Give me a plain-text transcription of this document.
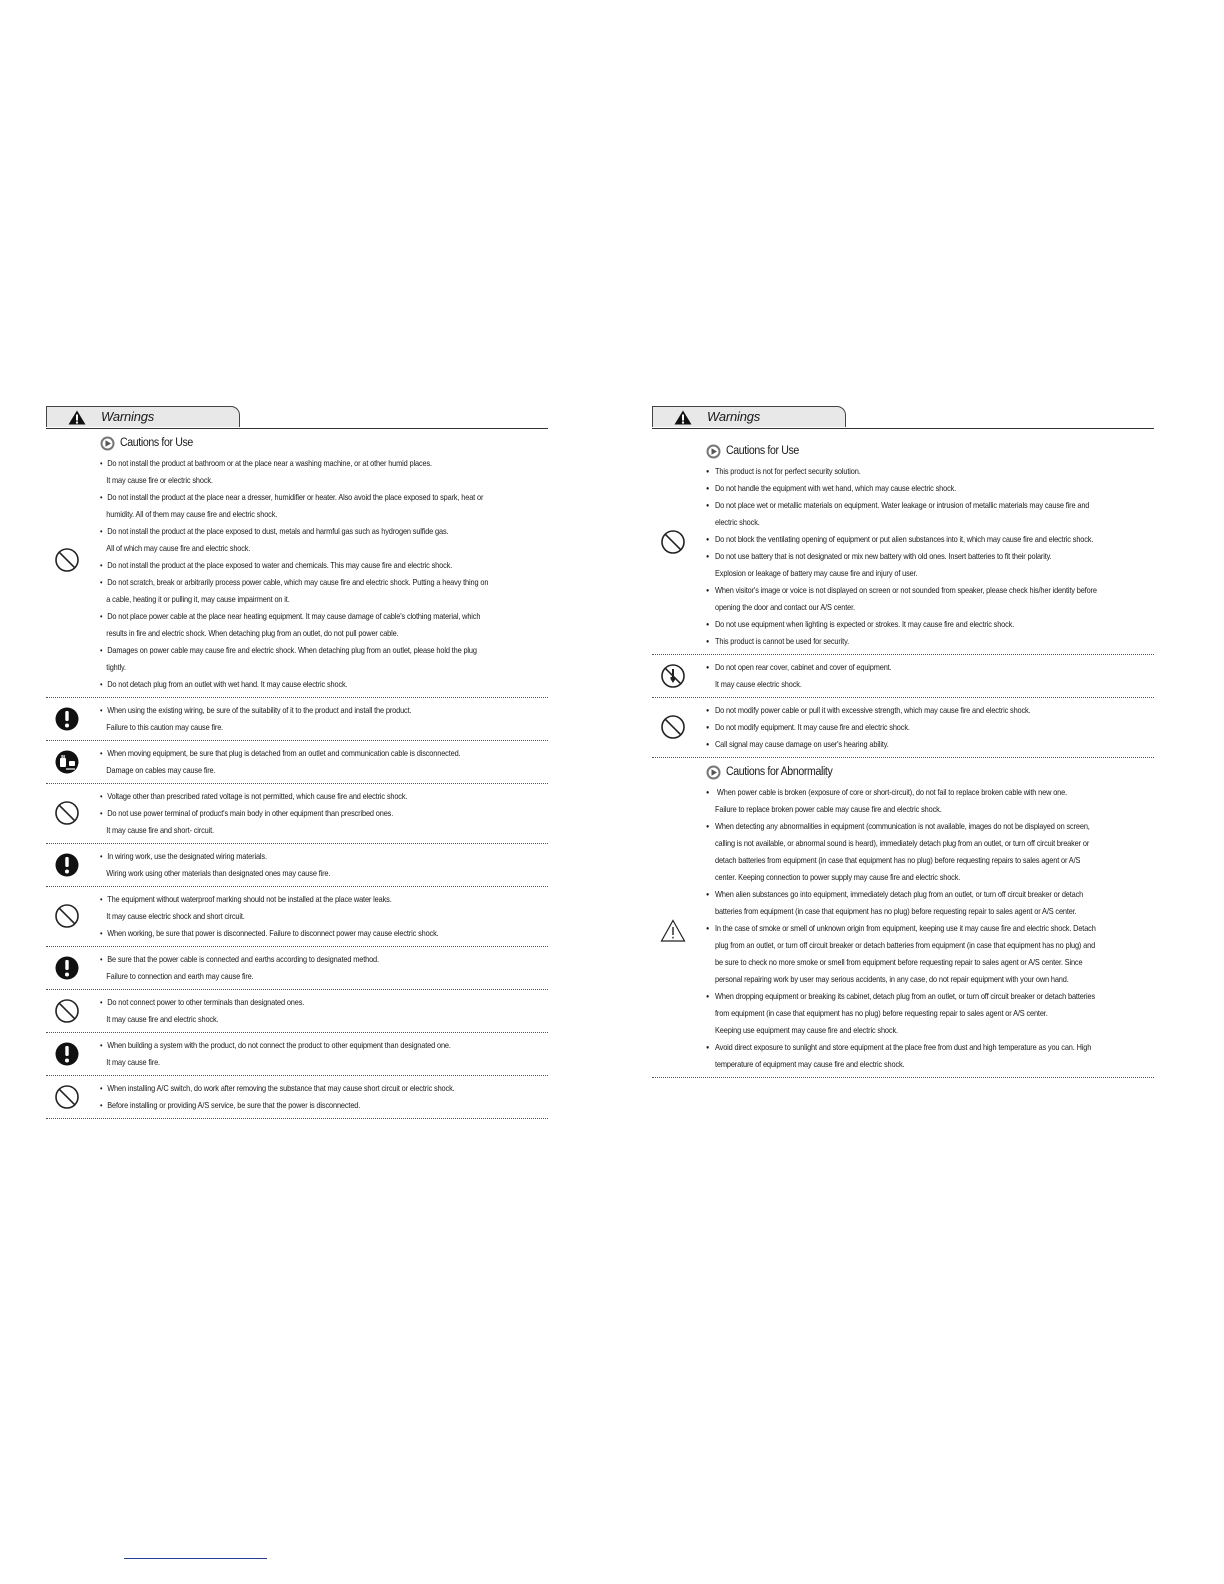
Warnings
Cautions for Use
• Do not install the product at bathroom or at the place near a washing machine, or at other humid places.
It may cause fire or electric shock.
• Do not install the product at the place near a dresser, humidifier or heater. Also avoid the place exposed to spark, heat or
humidity. All of them may cause fire and electric shock.
• Do not install the product at the place exposed to dust, metals and harmful gas such as hydrogen sulfide gas.
All of which may cause fire and electric shock.
• Do not install the product at the place exposed to water and chemicals. This may cause fire and electric shock.
• Do not scratch, break or arbitrarily process power cable, which may cause fire and electric shock. Putting a heavy thing on
a cable, heating it or pulling it, may cause impairment on it.
• Do not place power cable at the place near heating equipment. It may cause damage of cable's clothing material, which
results in fire and electric shock. When detaching plug from an outlet, do not pull power cable.
• Damages on power cable may cause fire and electric shock. When detaching plug from an outlet, please hold the plug
tightly.
• Do not detach plug from an outlet with wet hand. It may cause electric shock.
• When using the existing wiring, be sure of the suitability of it to the product and install the product.
Failure to this caution may cause fire.
• When moving equipment, be sure that plug is detached from an outlet and communication cable is disconnected.
Damage on cables may cause fire.
• Voltage other than prescribed rated voltage is not permitted, which cause fire and electric shock.
• Do not use power terminal of product's main body in other equipment than prescribed ones.
It may cause fire and short- circuit.
• In wiring work, use the designated wiring materials.
Wiring work using other materials than designated ones may cause fire.
• The equipment without waterproof marking should not be installed at the place water leaks.
It may cause electric shock and short circuit.
• When working, be sure that power is disconnected. Failure to disconnect power may cause electric shock.
• Be sure that the power cable is connected and earths according to designated method.
Failure to connection and earth may cause fire.
• Do not connect power to other terminals than designated ones.
It may cause fire and electric shock.
• When building a system with the product, do not connect the product to other equipment than designated one.
It may cause fire.
• When installing A/C switch, do work after removing the substance that may cause short circuit or electric shock.
• Before installing or providing A/S service, be sure that the power is disconnected.
Warnings
Cautions for Use
● This product is not for perfect security solution.
● Do not handle the equipment with wet hand, which may cause electric shock.
● Do not place wet or metallic materials on equipment. Water leakage or intrusion of metallic materials may cause fire and
electric shock.
● Do not block the ventilating opening of equipment or put alien substances into it, which may cause fire and electric shock.
● Do not use battery that is not designated or mix new battery with old ones. Insert batteries to fit their polarity.
Explosion or leakage of battery may cause fire and injury of user.
● When visitor's image or voice is not displayed on screen or not sounded from speaker, please check his/her identity before
opening the door and contact our A/S center.
● Do not use equipment when lighting is expected or strokes. It may cause fire and electric shock.
● This product is cannot be used for security.
● Do not open rear cover, cabinet and cover of equipment.
It may cause electric shock.
● Do not modify power cable or pull it with excessive strength, which may cause fire and electric shock.
● Do not modify equipment. It may cause fire and electric shock.
● Call signal may cause damage on user's hearing ability.
Cautions for Abnormality
● When power cable is broken (exposure of core or short-circuit), do not fail to replace broken cable with new one.
Failure to replace broken power cable may cause fire and electric shock.
● When detecting any abnormalities in equipment (communication is not available, images do not be displayed on screen,
calling is not available, or abnormal sound is heard), immediately detach plug from an outlet, or turn off circuit breaker or
detach batteries from equipment (in case that equipment has no plug) before requesting repairs to sales agent or A/S
center. Keeping connection to power supply may cause fire and electric shock.
● When alien substances go into equipment, immediately detach plug from an outlet, or turn off circuit breaker or detach
batteries from equipment (in case that equipment has no plug) before requesting repair to sales agent or A/S center.
● In the case of smoke or smell of unknown origin from equipment, keeping use it may cause fire and electric shock. Detach
plug from an outlet, or turn off circuit breaker or detach batteries from equipment (in case that equipment has no plug) and
be sure to check no more smoke or smell from equipment before requesting repair to sales agent or A/S center. Since
personal repairing work by user may serious accidents, in any case, do not repair equipment with your own hand.
● When dropping equipment or breaking its cabinet, detach plug from an outlet, or turn off circuit breaker or detach batteries
from equipment (in case that equipment has no plug) before requesting repair to sales agent or A/S center.
Keeping use equipment may cause fire and electric shock.
● Avoid direct exposure to sunlight and store equipment at the place free from dust and high temperature as you can. High
temperature of equipment may cause fire and electric shock.
